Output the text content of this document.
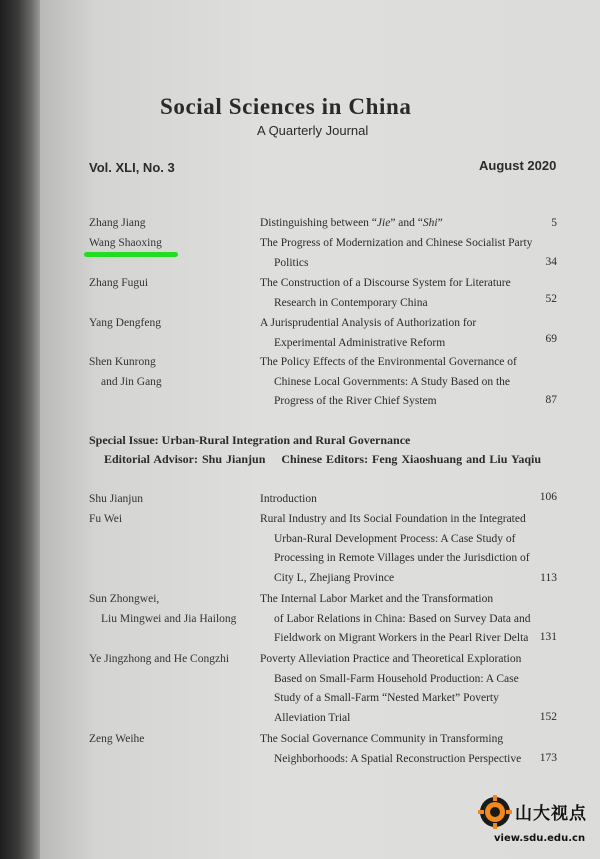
Social Sciences in China
A Quarterly Journal
Vol. XLI, No. 3	August 2020
Zhang Jiang	Distinguishing between “Jie” and “Shi”	5
Wang Shaoxing	The Progress of Modernization and Chinese Socialist Party
Politics	34
Zhang Fugui	The Construction of a Discourse System for Literature
Research in Contemporary China	52
Yang Dengfeng	A Jurisprudential Analysis of Authorization for
Experimental Administrative Reform	69
Shen Kunrong
and Jin Gang
The Policy Effects of the Environmental Governance of
Chinese Local Governments: A Study Based on the
Progress of the River Chief System	87
Special Issue: Urban-Rural Integration and Rural Governance
Editorial Advisor: Shu Jianjun Chinese Editors: Feng Xiaoshuang and Liu Yaqiu
Shu Jianjun	Introduction	106
Fu Wei	Rural Industry and Its Social Foundation in the Integrated
Urban-Rural Development Process: A Case Study of
Processing in Remote Villages under the Jurisdiction of
City L, Zhejiang Province	113
Sun Zhongwei,
Liu Mingwei and Jia Hailong
The Internal Labor Market and the Transformation
of Labor Relations in China: Based on Survey Data and
Fieldwork on Migrant Workers in the Pearl River Delta 131
Ye Jingzhong and He Congzhi	Poverty Alleviation Practice and Theoretical Exploration
Based on Small-Farm Household Production: A Case
Study of a Small-Farm “Nested Market” Poverty
Alleviation Trial	152
Zeng Weihe	The Social Governance Community in Transforming
Neighborhoods: A Spatial Reconstruction Perspective	173
山大视点
view.sdu.edu.cn
